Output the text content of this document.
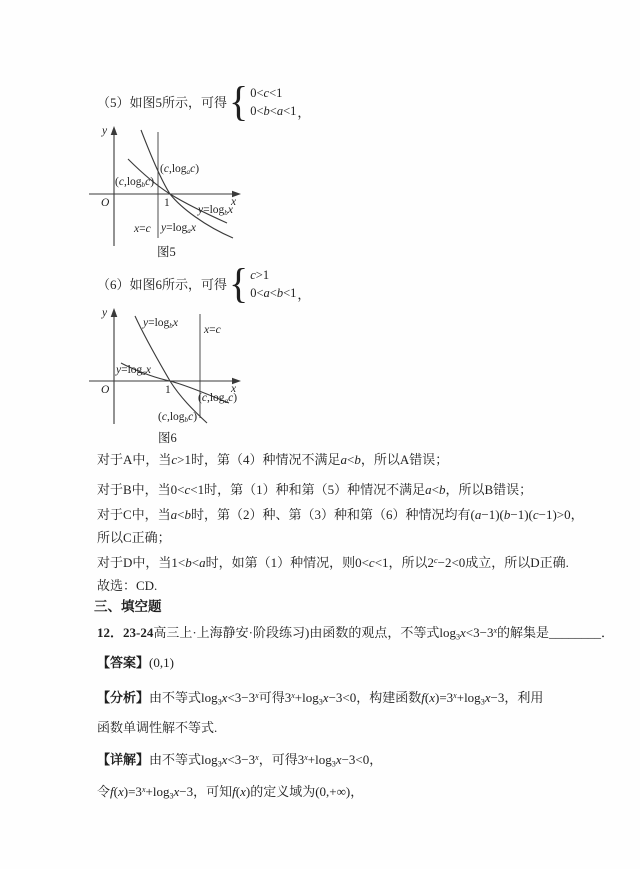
（5）如图5所示，可得 { 0<c<1
0<b<a<1 ，
y
x
O	1
(c,logac)
(c,logbc)
y=logbx
x=c y=logax
图5
（6）如图6所示，可得 { c>1
0<a<b<1 ，
y
x
O	1
y=logbx
x=c
y=logax
(c,logac)
(c,logbc)
图6
对于A中，当c>1时，第（4）种情况不满足a<b，所以A错误；
对于B中，当0<c<1时，第（1）种和第（5）种情况不满足a<b，所以B错误；
对于C中，当a<b时，第（2）种、第（3）种和第（6）种情况均有(a−1)(b−1)(c−1)>0，
所以C正确；
对于D中，当1<b<a时，如第（1）种情况，则0<c<1，所以$2^c-2<0$成立，所以D正确.
故选：CD.
三、填空题
12．23-24高三上·上海静安·阶段练习)由函数的观点，不等式$\log 3x<3-3^x$的解集是________．
【答案】(0,1)
【分析】由不等式$\log 3x<3-3^x$可得$3^x+\log 3x-3<0$，构建函数$f(x)=3^x+\log 3x-3$，利用
函数单调性解不等式.
【详解】由不等式$\log 3x<3-3^x$，可得$3^x+\log 3x-3<0$，
令$f(x)=3^x+\log 3x-3$，可知f(x)的定义域为(0,+∞)，
